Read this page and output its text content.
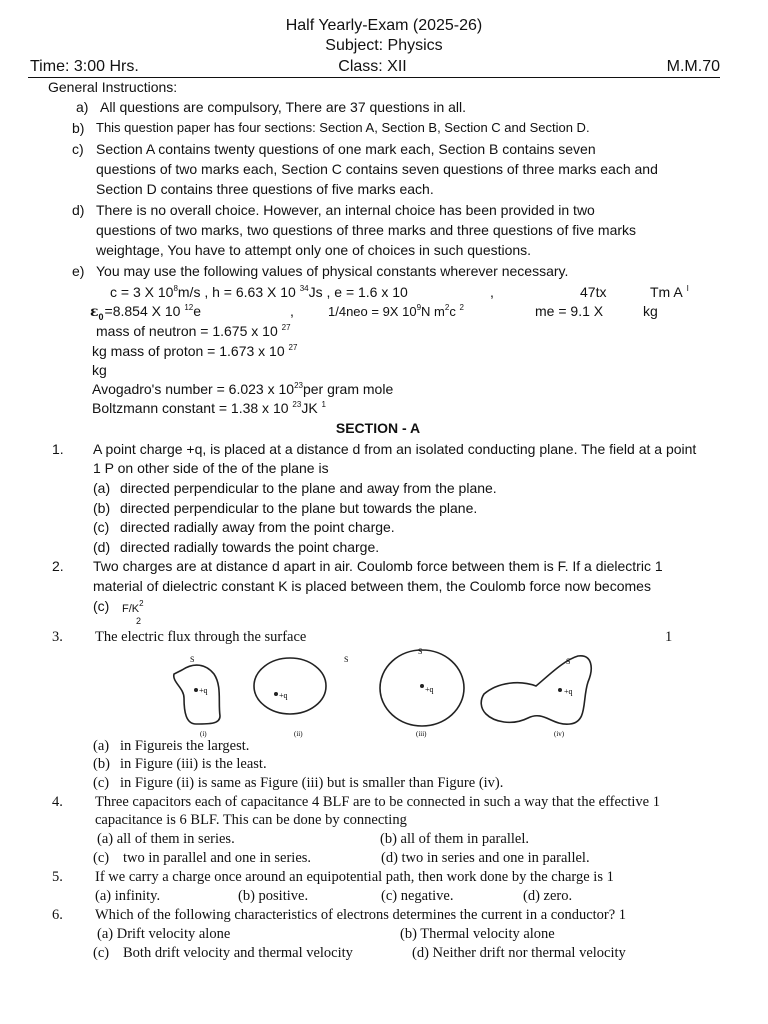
Half Yearly-Exam (2025-26)
Subject: Physics
Time: 3:00 Hrs.	Class: XII	M.M.70
General Instructions:
a) All questions are compulsory, There are 37 questions in all.
b) This question paper has four sections: Section A, Section B, Section C and Section D.
c) Section A contains twenty questions of one mark each, Section B contains seven
questions of two marks each, Section C contains seven questions of three marks each and
Section D contains three questions of five marks each.
d) There is no overall choice. However, an internal choice has been provided in two
questions of two marks, two questions of three marks and three questions of five marks
weightage, You have to attempt only one of choices in such questions.
e) You may use the following values of physical constants wherever necessary.
c = 3 X $10^8m/s$ , h = 6.63 X 10 $^{34}$Js , e = 1.6 x 10	,	47tx	Tm A $^I$
$\varepsilon_0=8.854$ X 10 $^{12}$e	,	1/4neo = 9X $10^9N$ $m^2c$ $^2$	me = 9.1 X	kg
mass of neutron = 1.675 x 10 $^{27}$
kg mass of proton = 1.673 x 10 $^{27}$
kg
Avogadro's number = 6.023 x $10^{23}per$ gram mole
Boltzmann constant = 1.38 x 10 $^{23}$JK $^1$
SECTION - A
1. A point charge +q, is placed at a distance d from an isolated conducting plane. The field at a point
1 P on other side of the of the plane is
(a) directed perpendicular to the plane and away from the plane.
(b) directed perpendicular to the plane but towards the plane.
(c) directed radially away from the point charge.
(d) directed radially towards the point charge.
2. Two charges are at distance d apart in air. Coulomb force between them is F. If a dielectric 1
material of dielectric constant K is placed between them, the Coulomb force now becomes
(c) $F/K^2$
2
3. The electric flux through the surface	1
S	S
S
S
+q
+q
+q	+q
(i)	(ii)	(iii)	(iv)
(a) in Figureis the largest.
(b) in Figure (iii) is the least.
(c) in Figure (ii) is same as Figure (iii) but is smaller than Figure (iv).
4. Three capacitors each of capacitance 4 BLF are to be connected in such a way that the effective 1
capacitance is 6 BLF. This can be done by connecting
(a) all of them in series.	(b) all of them in parallel.
(c) two in parallel and one in series.	(d) two in series and one in parallel.
5. If we carry a charge once around an equipotential path, then work done by the charge is 1
(a) infinity.	(b) positive.	(c) negative.	(d) zero.
6. Which of the following characteristics of electrons determines the current in a conductor? 1
(a) Drift velocity alone	(b) Thermal velocity alone
(c) Both drift velocity and thermal velocity	(d) Neither drift nor thermal velocity
